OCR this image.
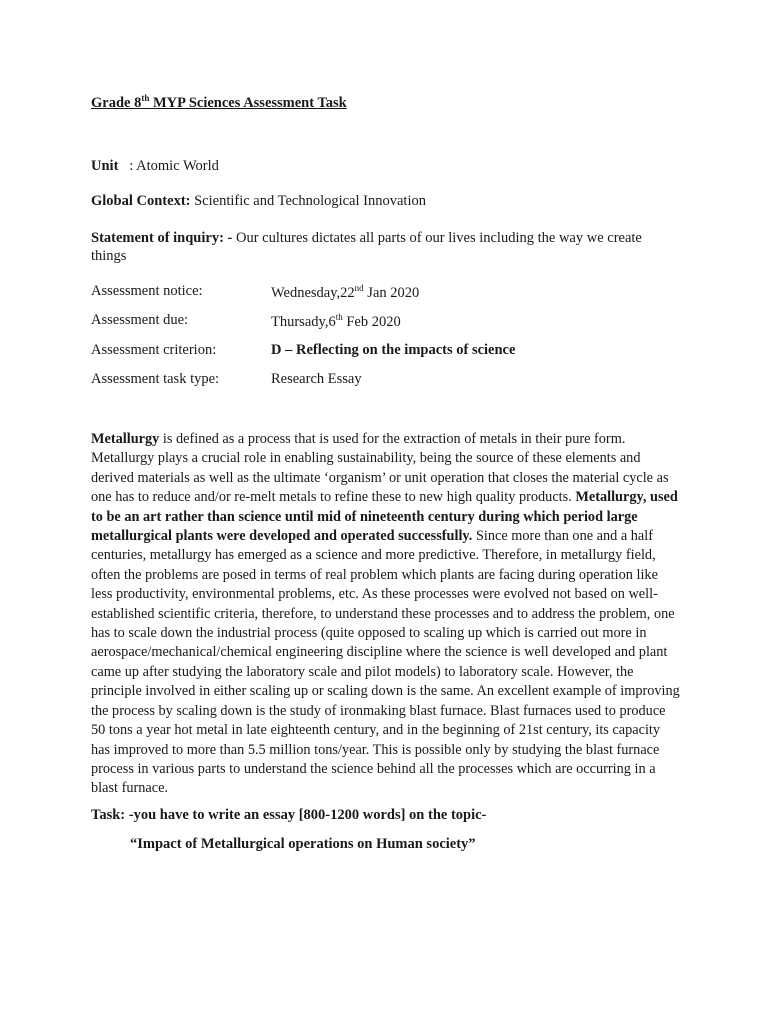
Grade 8th MYP Sciences Assessment Task
Unit   : Atomic World
Global Context: Scientific and Technological Innovation
Statement of inquiry: - Our cultures dictates all parts of our lives including the way we create things
Assessment notice:	Wednesday,22nd Jan 2020
Assessment due:	Thursady,6th Feb 2020
Assessment criterion:	D – Reflecting on the impacts of science
Assessment task type:	Research Essay
Metallurgy is defined as a process that is used for the extraction of metals in their pure form. Metallurgy plays a crucial role in enabling sustainability, being the source of these elements and derived materials as well as the ultimate ‘organism’ or unit operation that closes the material cycle as one has to reduce and/or re-melt metals to refine these to new high quality products. Metallurgy, used to be an art rather than science until mid of nineteenth century during which period large metallurgical plants were developed and operated successfully. Since more than one and a half centuries, metallurgy has emerged as a science and more predictive. Therefore, in metallurgy field, often the problems are posed in terms of real problem which plants are facing during operation like less productivity, environmental problems, etc. As these processes were evolved not based on well-established scientific criteria, therefore, to understand these processes and to address the problem, one has to scale down the industrial process (quite opposed to scaling up which is carried out more in aerospace/mechanical/chemical engineering discipline where the science is well developed and plant came up after studying the laboratory scale and pilot models) to laboratory scale. However, the principle involved in either scaling up or scaling down is the same. An excellent example of improving the process by scaling down is the study of ironmaking blast furnace. Blast furnaces used to produce 50 tons a year hot metal in late eighteenth century, and in the beginning of 21st century, its capacity has improved to more than 5.5 million tons/year. This is possible only by studying the blast furnace process in various parts to understand the science behind all the processes which are occurring in a blast furnace.
Task: -you have to write an essay [800-1200 words] on the topic-
“Impact of Metallurgical operations on Human society”
